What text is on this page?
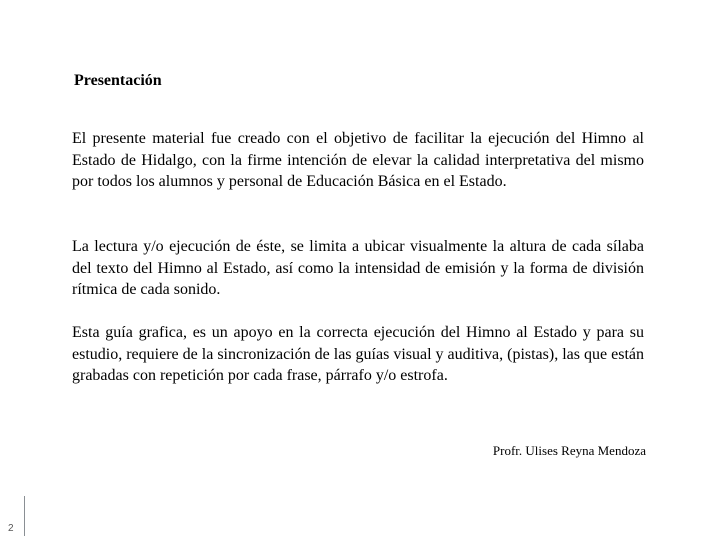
Presentación

El presente material fue creado con el objetivo de facilitar la ejecución del Himno al Estado de Hidalgo, con la firme intención de elevar la calidad interpretativa del mismo por todos los alumnos y personal de Educación Básica en el Estado.

La lectura y/o ejecución de éste, se limita a ubicar visualmente la altura de cada sílaba del texto del Himno al Estado, así como la intensidad de emisión y la forma de división rítmica de cada sonido.

Esta guía grafica, es un apoyo en la correcta ejecución del Himno al Estado y para su estudio, requiere de la sincronización de las guías visual y auditiva, (pistas), las que están grabadas con repetición por cada frase, párrafo y/o estrofa.

Profr. Ulises Reyna Mendoza
2
